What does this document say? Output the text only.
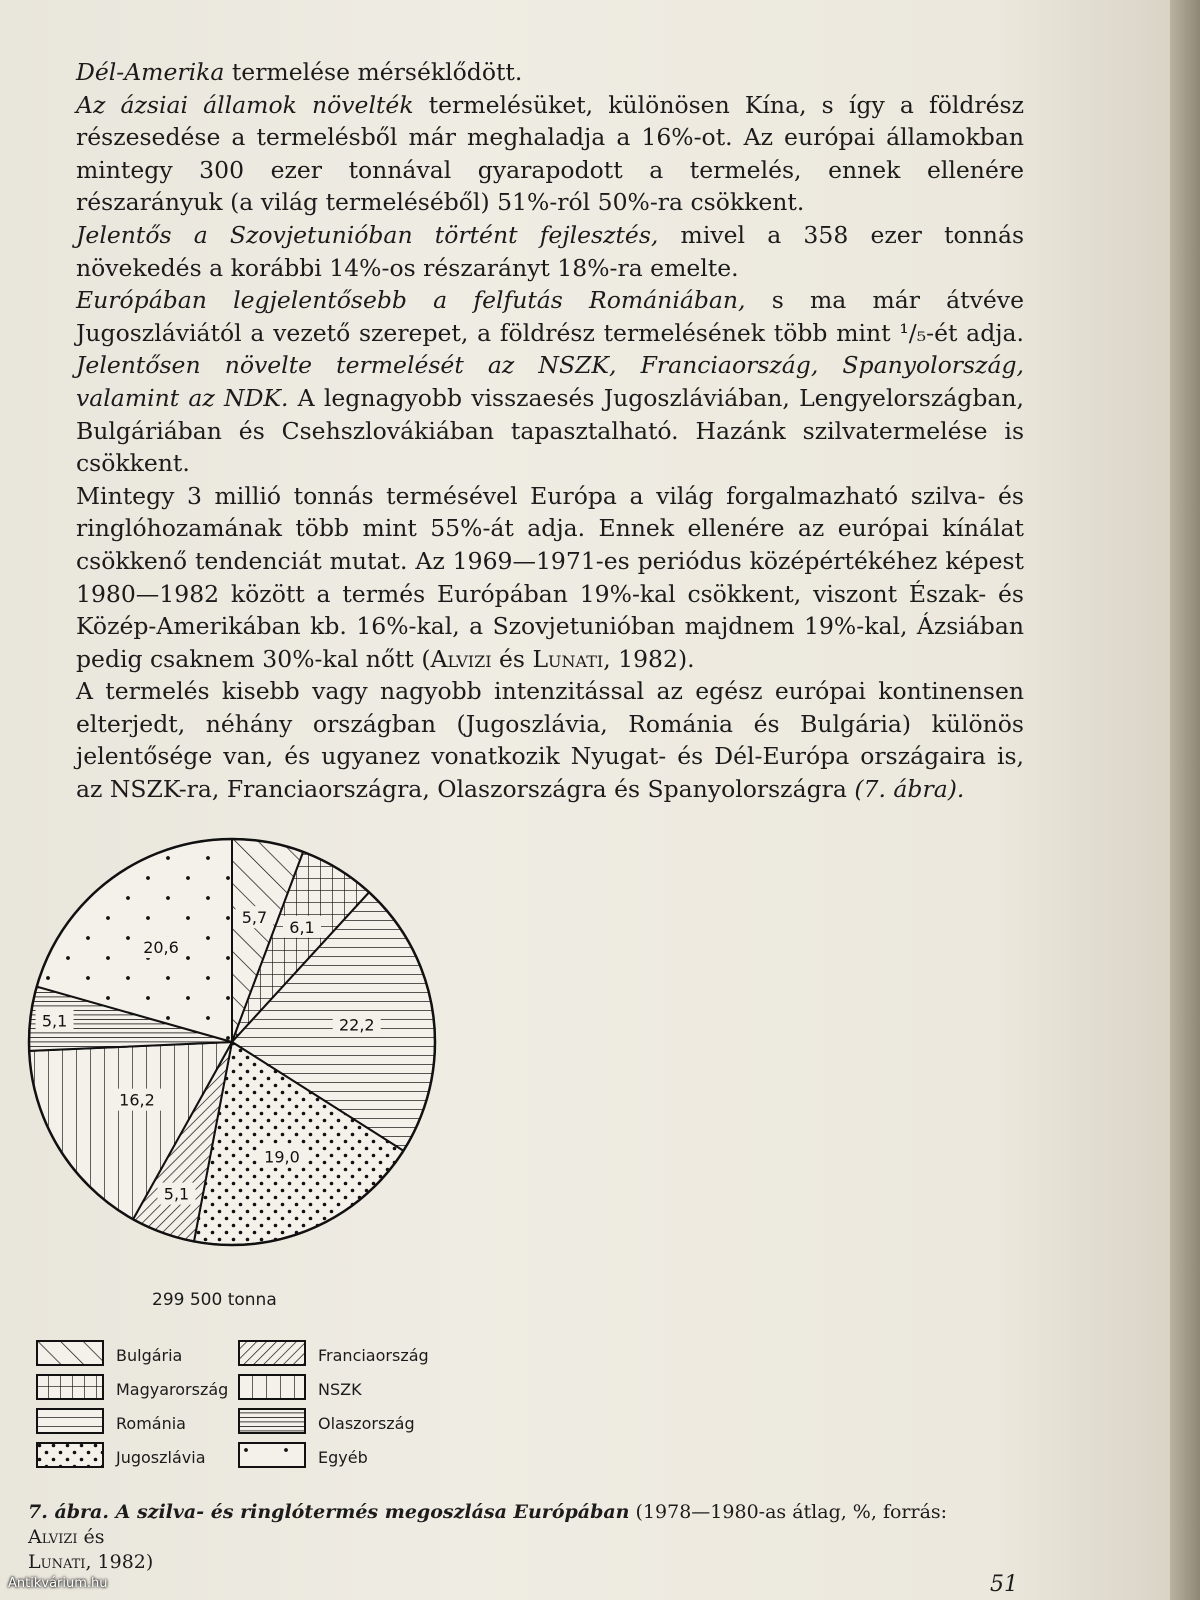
Dél-Amerika termelése mérséklődött.

Az ázsiai államok növelték termelésüket, különösen Kína, s így a földrész részesedése a termelésből már meghaladja a 16%-ot. Az európai államokban mintegy 300 ezer tonnával gyarapodott a termelés, ennek ellenére részarányuk (a világ termeléséből) 51%-ról 50%-ra csökkent.

Jelentős a Szovjetunióban történt fejlesztés, mivel a 358 ezer tonnás növekedés a korábbi 14%-os részarányt 18%-ra emelte.

Európában legjelentősebb a felfutás Romániában, s ma már átvéve Jugoszláviától a vezető szerepet, a földrész termelésének több mint ¹/₅-ét adja. Jelentősen növelte termelését az NSZK, Franciaország, Spanyolország, valamint az NDK. A legnagyobb visszaesés Jugoszláviában, Lengyelországban, Bulgáriában és Csehszlovákiában tapasztalható. Hazánk szilvatermelése is csökkent.

Mintegy 3 millió tonnás termésével Európa a világ forgalmazható szilva- és ringlóhozamának több mint 55%-át adja. Ennek ellenére az európai kínálat csökkenő tendenciát mutat. Az 1969—1971-es periódus középértékéhez képest 1980—1982 között a termés Európában 19%-kal csökkent, viszont Észak- és Közép-Amerikában kb. 16%-kal, a Szovjetunióban majdnem 19%-kal, Ázsiában pedig csaknem 30%-kal nőtt (Alvizi és Lunati, 1982).

A termelés kisebb vagy nagyobb intenzitással az egész európai kontinensen elterjedt, néhány országban (Jugoszlávia, Románia és Bulgária) különös jelentősége van, és ugyanez vonatkozik Nyugat- és Dél-Európa országaira is, az NSZK-ra, Franciaországra, Olaszországra és Spanyolországra (7. ábra).

5,7
6,1
22,2
19,0
5,1
16,2
5,1
20,6
299 500 tonna
Bulgária
Magyarország
Románia
Jugoszlávia
Franciaország
NSZK
Olaszország
Egyéb
7. ábra. A szilva- és ringlótermés megoszlása Európában (1978—1980-as átlag, %, forrás: Alvizi és
Lunati, 1982)
51
Antikvárium.hu
